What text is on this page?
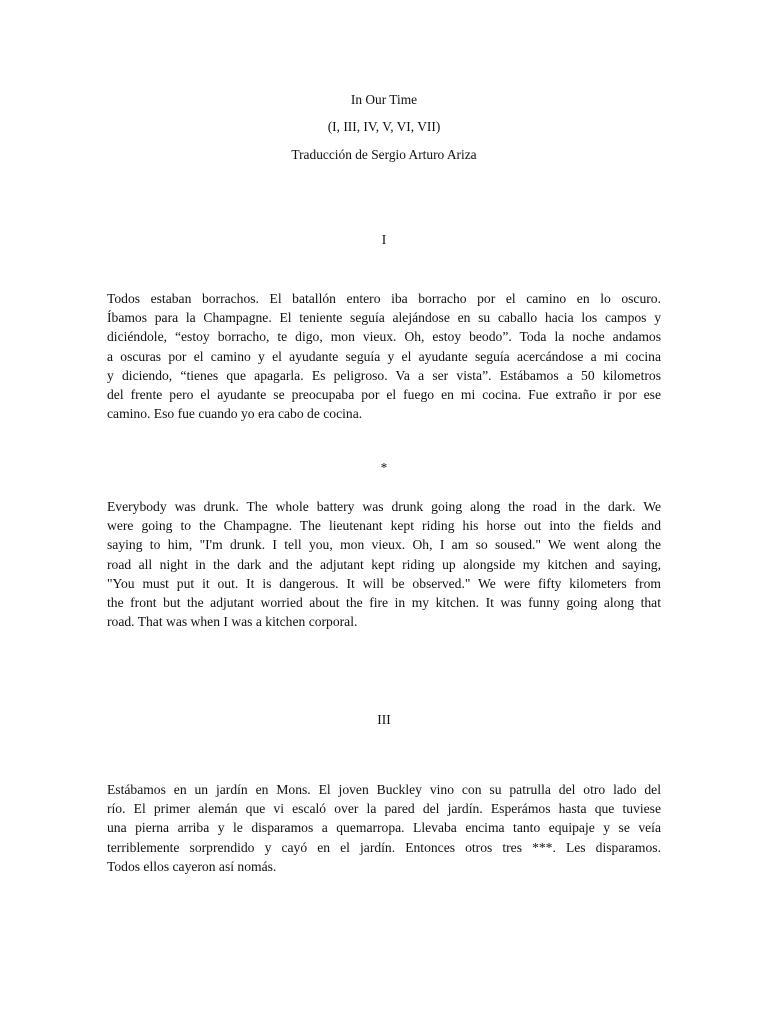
In Our Time
(I, III, IV, V, VI, VII)
Traducción de Sergio Arturo Ariza
I
Todos estaban borrachos. El batallón entero iba borracho por el camino en lo oscuro.
Íbamos para la Champagne. El teniente seguía alejándose en su caballo hacia los campos y
diciéndole, “estoy borracho, te digo, mon vieux. Oh, estoy beodo”. Toda la noche andamos
a oscuras por el camino y el ayudante seguía y el ayudante seguía acercándose a mi cocina
y diciendo, “tienes que apagarla. Es peligroso. Va a ser vista”. Estábamos a 50 kilometros
del frente pero el ayudante se preocupaba por el fuego en mi cocina. Fue extraño ir por ese
camino. Eso fue cuando yo era cabo de cocina.
*
Everybody was drunk. The whole battery was drunk going along the road in the dark. We
were going to the Champagne. The lieutenant kept riding his horse out into the fields and
saying to him, "I'm drunk. I tell you, mon vieux. Oh, I am so soused." We went along the
road all night in the dark and the adjutant kept riding up alongside my kitchen and saying,
"You must put it out. It is dangerous. It will be observed." We were fifty kilometers from
the front but the adjutant worried about the fire in my kitchen. It was funny going along that
road. That was when I was a kitchen corporal.
III
Estábamos en un jardín en Mons. El joven Buckley vino con su patrulla del otro lado del
río. El primer alemán que vi escaló over la pared del jardín. Esperámos hasta que tuviese
una pierna arriba y le disparamos a quemarropa. Llevaba encima tanto equipaje y se veía
terriblemente sorprendido y cayó en el jardín. Entonces otros tres ***. Les disparamos.
Todos ellos cayeron así nomás.
